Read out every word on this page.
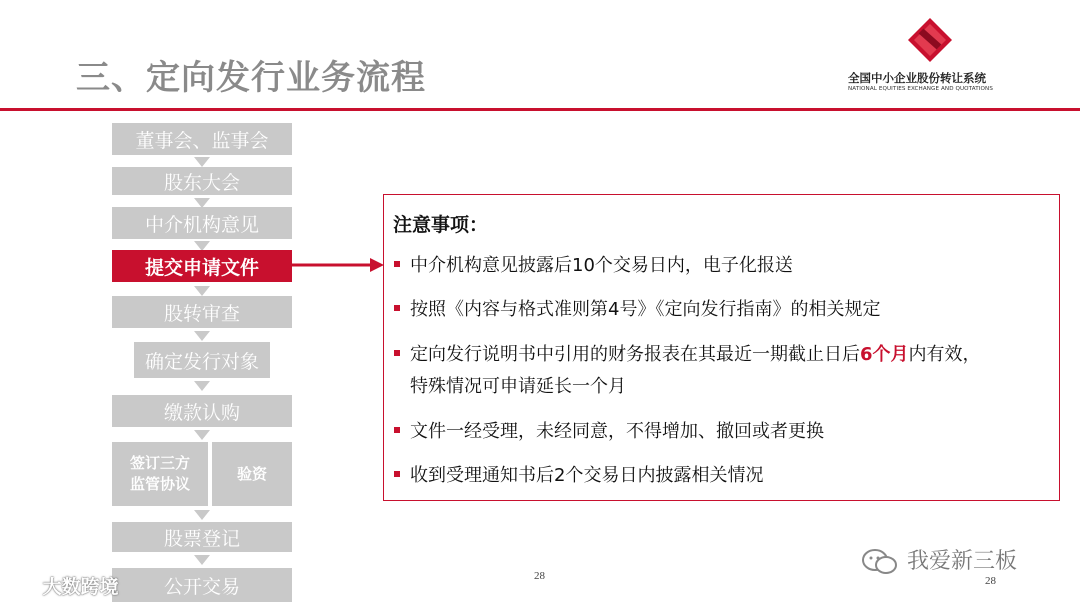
三、定向发行业务流程	全国中小企业股份转让系统
NATIONAL EQUITIES EXCHANGE AND QUOTATIONS
董事会、监事会
股东大会
中介机构意见
提交申请文件
股转审查
确定发行对象
缴款认购
签订三方监管协议
验资
股票登记
公开交易
注意事项：
中介机构意见披露后10个交易日内，电子化报送
按照《内容与格式准则第4号》《定向发行指南》的相关规定
定向发行说明书中引用的财务报表在其最近一期截止日后6个月内有效，
特殊情况可申请延长一个月
文件一经受理，未经同意，不得增加、撤回或者更换
收到受理通知书后2个交易日内披露相关情况
28	28
大数跨境
我爱新三板
